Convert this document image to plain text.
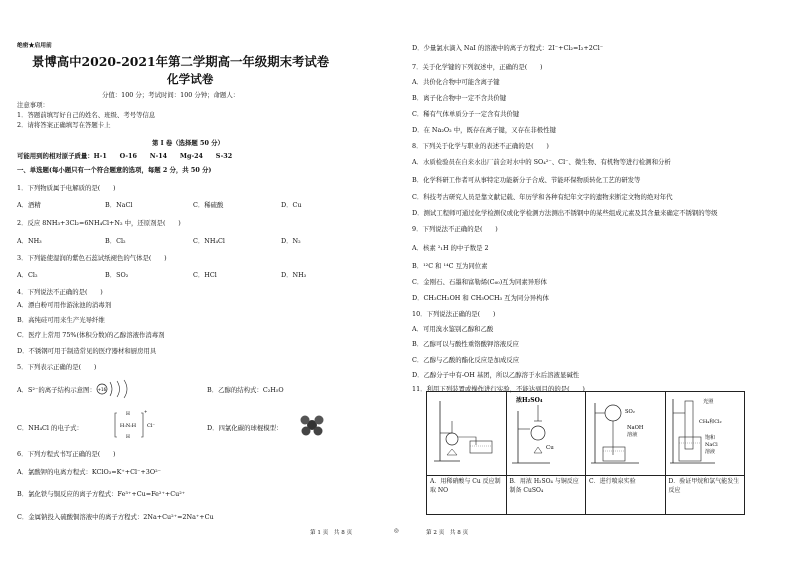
绝密★启用前
景博高中2020-2021年第二学期高一年级期末考试卷
化学试卷
分值：100 分；考试时间：100 分钟；命题人：
注意事项：
1．答题前填写好自己的姓名、班级、考号等信息
2．请将答案正确填写在答题卡上
第 I 卷（选择题 50 分）
可能用到的相对原子质量：H-1　　O-16　　N-14　　Mg-24　　S-32
一、单选题(每小题只有一个符合题意的选项，每题 2 分，共 50 分)
1．下列物质属于电解质的是(　　)
A．酒精	B．NaCl	C．稀硫酸	D．Cu
2．反应 8NH₃+3Cl₂=6NH₄Cl+N₂ 中，还原剂是(　　)
A．NH₃	B．Cl₂	C．NH₄Cl	D．N₂
3．下列能使湿润的紫色石蕊试纸褪色的气体是(　　)
A．Cl₂	B．SO₂	C．HCl	D．NH₃
4．下列说法不正确的是(　　)
A．漂白粉可用作游泳池的消毒剂
B．高纯硅可用来生产光导纤维
C．医疗上常用 75%(体积分数)的乙醇溶液作消毒剂
D．不锈钢可用于制造常见的医疗器材和厨房用具
5．下列表示正确的是(　　)
A．S²⁻的离子结构示意图： +16	B．乙醇的结构式：C₂H₅O
C．NH₄Cl 的电子式：
H
H:N:H
H
+
Cl⁻	D．四氯化碳的球棍模型：
6．下列方程式书写正确的是(　　)
A．氯酸钾的电离方程式：KClO₃=K⁺+Cl⁻+3O²⁻
B．氯化铁与铜反应的离子方程式：Fe³⁺+Cu=Fe²⁺+Cu²⁺
C．金属钠投入硫酸铜溶液中的离子方程式：2Na+Cu²⁺=2Na⁺+Cu
第 1 页　共 8 页	◎
D．少量氯水滴入 NaI 的溶液中的离子方程式：2I⁻+Cl₂=I₂+2Cl⁻
7．关于化学键的下列叙述中，正确的是(　　)
A．共价化合物中可能含离子键
B．离子化合物中一定不含共价键
C．稀有气体单质分子一定含有共价键
D．在 Na₂O₂ 中，既存在离子键，又存在非极性键
8．下列关于化学与职业的表述不正确的是(　　)
A．水质检验员在自来水出厂前会对水中的 SO₄²⁻、Cl⁻、微生物、有机物等进行检测和分析
B．化学科研工作者可从事特定功能新分子合成、节能环保物质转化工艺的研发等
C．科技考古研究人员是靠文献记载、年历学和各种有纪年文字的遗物来断定文物的绝对年代
D．测试工程师可通过化学检测仪或化学检测方法测出不锈钢中的某些组成元素及其含量来确定不锈钢的等级
9．下列说法不正确的是(　　)
A．核素 ²₁H 的中子数是 2
B．¹²C 和 ¹⁴C 互为同位素
C．金刚石、石墨和富勒烯(C₆₀)互为同素异形体
D．CH₃CH₂OH 和 CH₃OCH₃ 互为同分异构体
10．下列说法正确的是(　　)
A．可用溴水鉴别乙醇和乙酸
B．乙醇可以与酸性重铬酸钾溶液反应
C．乙醇与乙酸的酯化反应是加成反应
D．乙醇分子中有-OH 基团，所以乙醇溶于水后溶液显碱性
11．利用下列装置或操作进行实验，不能达到目的的是(　　)

浓H₂SO₄
Cu	SO₂
NaOH
溶液	光照
CH₄和Cl₂
饱和
NaCl
溶液

A．用稀硝酸与 Cu 反应制取 NO	B．用浓 H₂SO₄ 与铜反应制备 CuSO₄	C．进行喷泉实验	D．验证甲烷和氯气能发生反应
第 2 页　共 8 页
